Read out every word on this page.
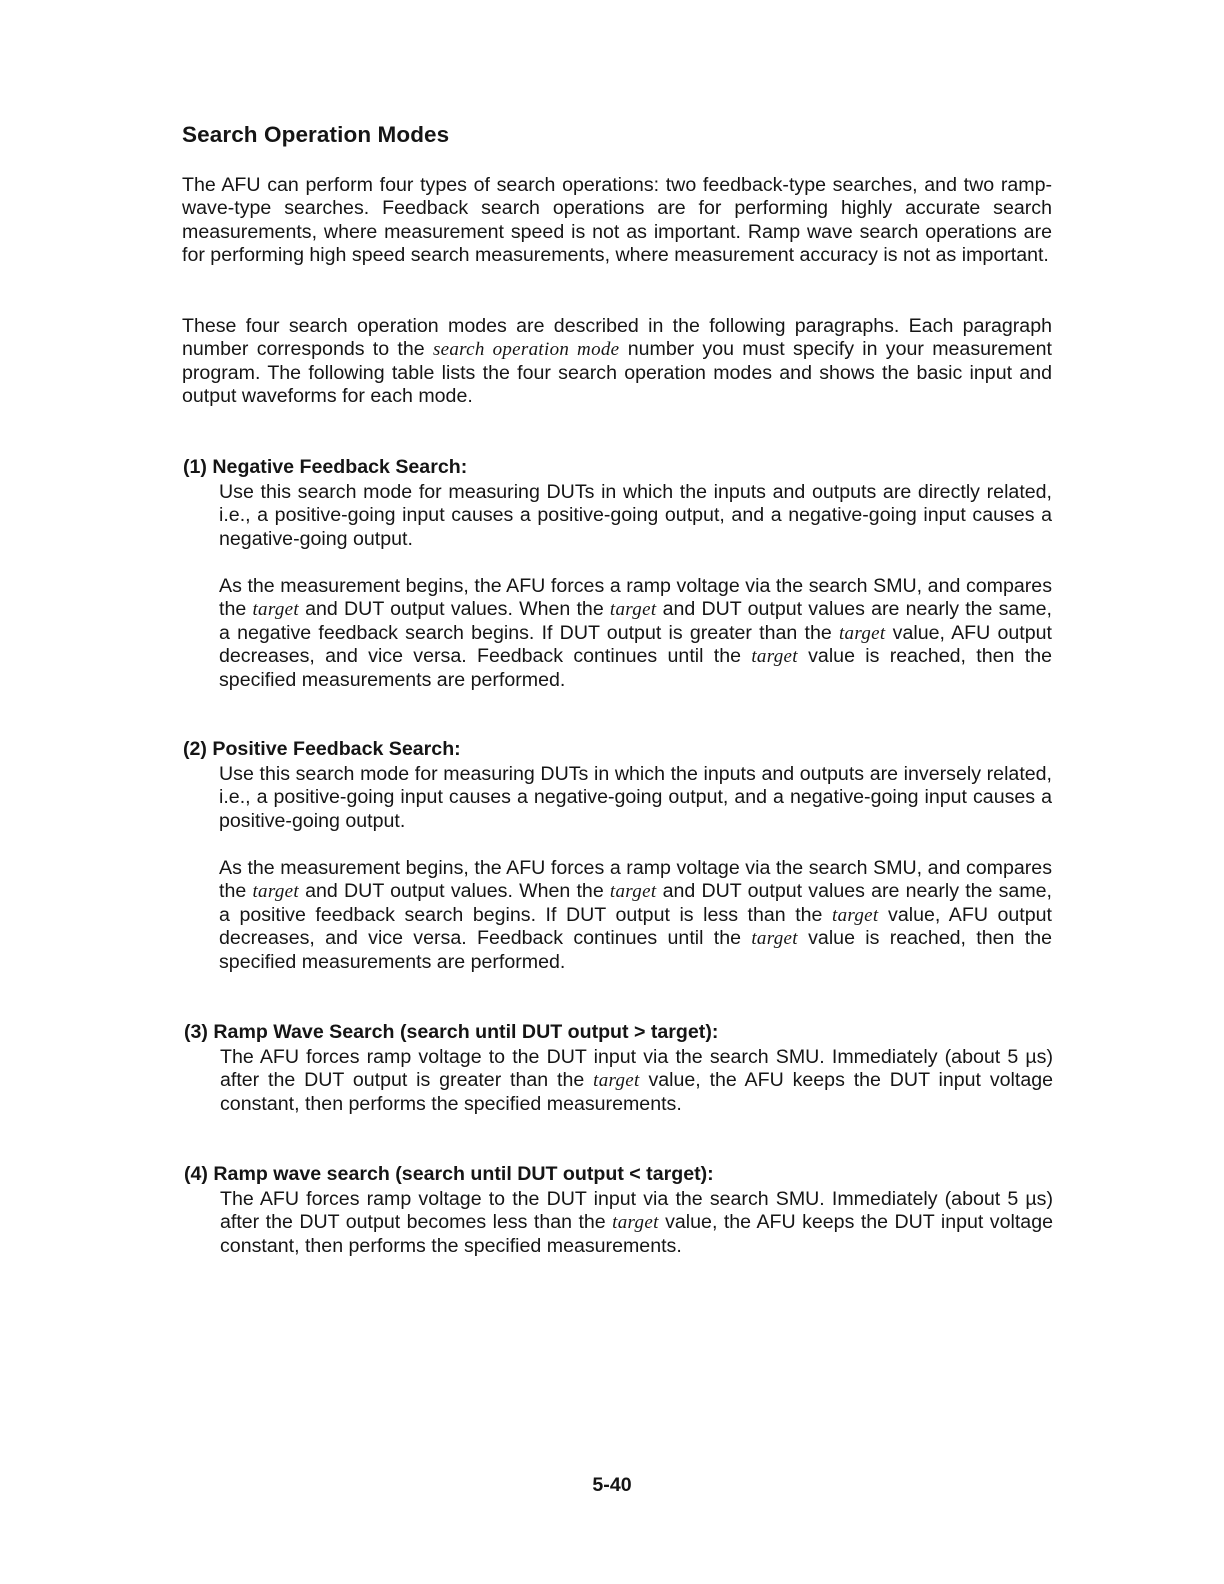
Search Operation Modes
The AFU can perform four types of search operations: two feedback-type searches, and two ramp-wave-type searches. Feedback search operations are for performing highly accurate search measurements, where measurement speed is not as important. Ramp wave search operations are for performing high speed search measurements, where measurement accuracy is not as important.
These four search operation modes are described in the following paragraphs. Each paragraph number corresponds to the search operation mode number you must specify in your measurement program. The following table lists the four search operation modes and shows the basic input and output waveforms for each mode.
(1) Negative Feedback Search:
Use this search mode for measuring DUTs in which the inputs and outputs are directly related, i.e., a positive-going input causes a positive-going output, and a negative-going input causes a negative-going output.
As the measurement begins, the AFU forces a ramp voltage via the search SMU, and compares the target and DUT output values. When the target and DUT output values are nearly the same, a negative feedback search begins. If DUT output is greater than the target value, AFU output decreases, and vice versa. Feedback continues until the target value is reached, then the specified measurements are performed.
(2) Positive Feedback Search:
Use this search mode for measuring DUTs in which the inputs and outputs are inversely related, i.e., a positive-going input causes a negative-going output, and a negative-going input causes a positive-going output.
As the measurement begins, the AFU forces a ramp voltage via the search SMU, and compares the target and DUT output values. When the target and DUT output values are nearly the same, a positive feedback search begins. If DUT output is less than the target value, AFU output decreases, and vice versa. Feedback continues until the target value is reached, then the specified measurements are performed.
(3) Ramp Wave Search (search until DUT output > target):
The AFU forces ramp voltage to the DUT input via the search SMU. Immediately (about 5 µs) after the DUT output is greater than the target value, the AFU keeps the DUT input voltage constant, then performs the specified measurements.
(4) Ramp wave search (search until DUT output < target):
The AFU forces ramp voltage to the DUT input via the search SMU. Immediately (about 5 µs) after the DUT output becomes less than the target value, the AFU keeps the DUT input voltage constant, then performs the specified measurements.
5-40
